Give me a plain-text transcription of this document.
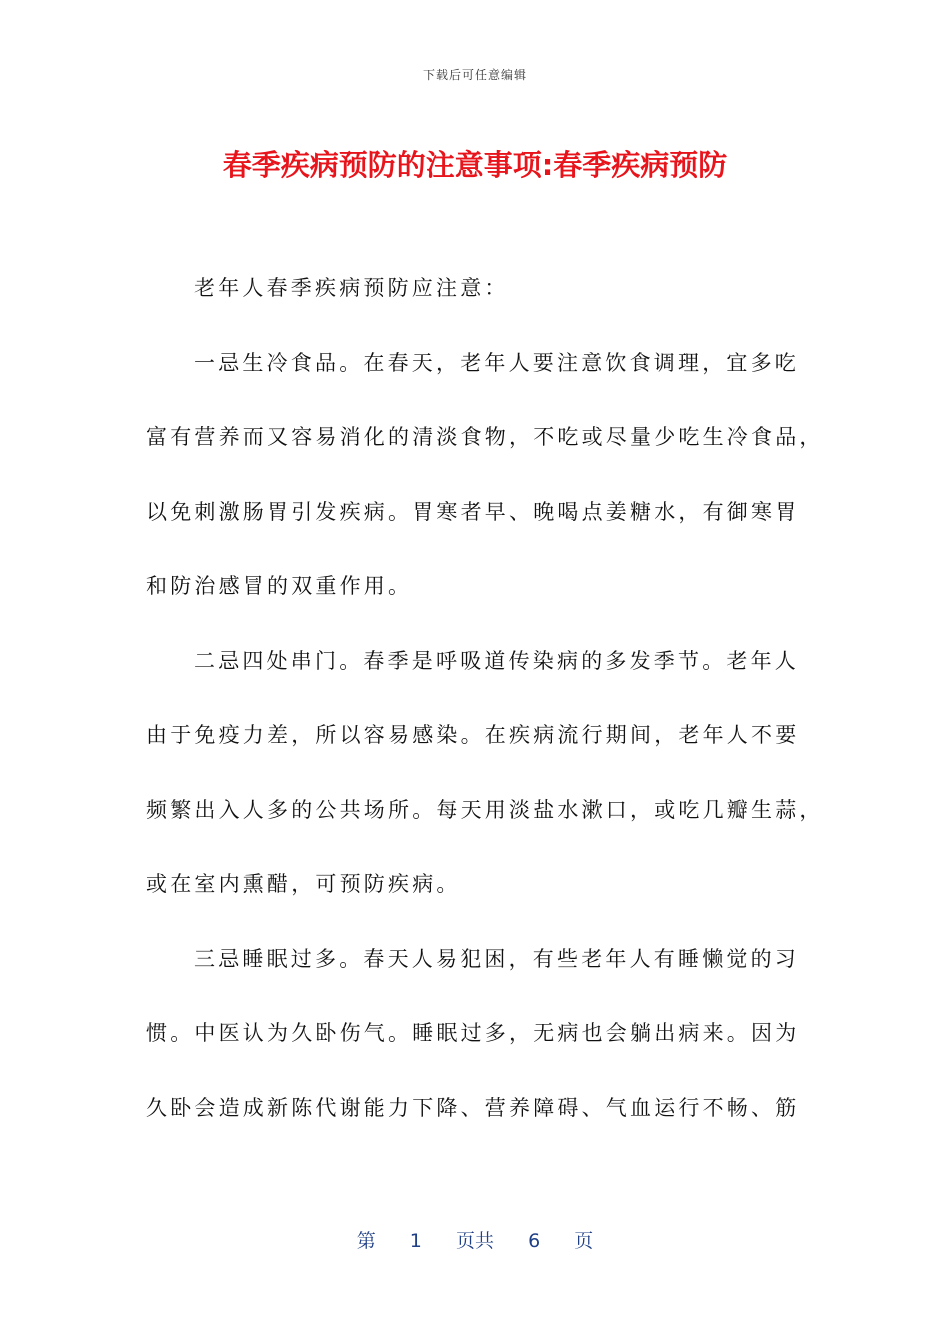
下载后可任意编辑
春季疾病预防的注意事项:春季疾病预防
老年人春季疾病预防应注意：
一忌生冷食品。在春天，老年人要注意饮食调理，宜多吃
富有营养而又容易消化的清淡食物，不吃或尽量少吃生冷食品，
以免刺激肠胃引发疾病。胃寒者早、晚喝点姜糖水，有御寒胃
和防治感冒的双重作用。
二忌四处串门。春季是呼吸道传染病的多发季节。老年人
由于免疫力差，所以容易感染。在疾病流行期间，老年人不要
频繁出入人多的公共场所。每天用淡盐水漱口，或吃几瓣生蒜，
或在室内熏醋，可预防疾病。
三忌睡眠过多。春天人易犯困，有些老年人有睡懒觉的习
惯。中医认为久卧伤气。睡眠过多，无病也会躺出病来。因为
久卧会造成新陈代谢能力下降、营养障碍、气血运行不畅、筋
第 1 页共 6 页
